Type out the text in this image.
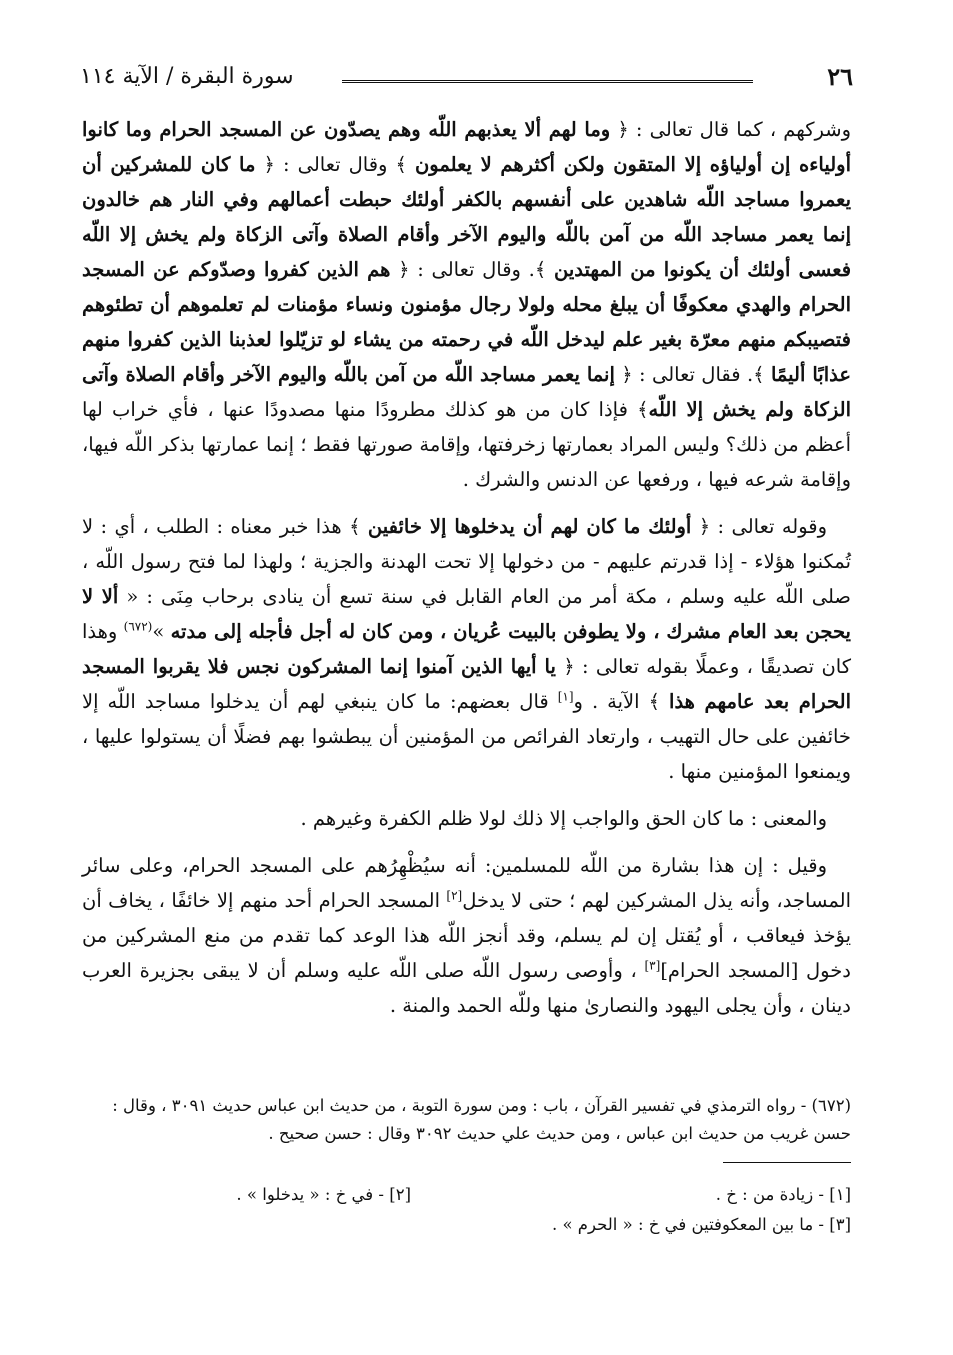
٢٦
سورة البقرة / الآية ١١٤

وشركهم ، كما قال تعالى : ﴿ وما لهم ألا يعذبهم اللّه وهم يصدّون عن المسجد الحرام وما كانوا أولياءه إن أولياؤه إلا المتقون ولكن أكثرهم لا يعلمون ﴾ وقال تعالى : ﴿ ما كان للمشركين أن يعمروا مساجد اللّه شاهدين على أنفسهم بالكفر أولئك حبطت أعمالهم وفي النار هم خالدون إنما يعمر مساجد اللّه من آمن باللّه واليوم الآخر وأقام الصلاة وآتى الزكاة ولم يخش إلا اللّه فعسى أولئك أن يكونوا من المهتدين ﴾. وقال تعالى : ﴿ هم الذين كفروا وصدّوكم عن المسجد الحرام والهدي معكوفًا أن يبلغ محله ولولا رجال مؤمنون ونساء مؤمنات لم تعلموهم أن تطئوهم فتصيبكم منهم معرّة بغير علم ليدخل اللّه في رحمته من يشاء لو تزيّلوا لعذبنا الذين كفروا منهم عذابًا أليمًا ﴾. فقال تعالى : ﴿ إنما يعمر مساجد اللّه من آمن باللّه واليوم الآخر وأقام الصلاة وآتى الزكاة ولم يخش إلا اللّه﴾ فإذا كان من هو كذلك مطرودًا منها مصدودًا عنها ، فأي خراب لها أعظم من ذلك؟ وليس المراد بعمارتها زخرفتها، وإقامة صورتها فقط ؛ إنما عمارتها بذكر اللّه فيها، وإقامة شرعه فيها ، ورفعها عن الدنس والشرك .

وقوله تعالى : ﴿ أولئك ما كان لهم أن يدخلوها إلا خائفين ﴾ هذا خبر معناه : الطلب ، أي : لا تُمكنوا هؤلاء - إذا قدرتم عليهم - من دخولها إلا تحت الهدنة والجزية ؛ ولهذا لما فتح رسول اللّه ، صلى اللّه عليه وسلم ، مكة أمر من العام القابل في سنة تسع أن ينادى برحاب مِنَى : « ألا لا يحجن بعد العام مشرك ، ولا يطوفن بالبيت عُريان ، ومن كان له أجل فأجله إلى مدته »$^{(٦٧٢)}$ وهذا كان تصديقًا ، وعملًا بقوله تعالى : ﴿ يا أيها الذين آمنوا إنما المشركون نجس فلا يقربوا المسجد الحرام بعد عامهم هذا ﴾ الآية . و[١] قال بعضهم: ما كان ينبغي لهم أن يدخلوا مساجد اللّه إلا خائفين على حال التهيب ، وارتعاد الفرائص من المؤمنين أن يبطشوا بهم فضلًا أن يستولوا عليها ، ويمنعوا المؤمنين منها .

والمعنى : ما كان الحق والواجب إلا ذلك لولا ظلم الكفرة وغيرهم .

وقيل : إن هذا بشارة من اللّه للمسلمين: أنه سيُظْهِرُهم على المسجد الحرام، وعلى سائر المساجد، وأنه يذل المشركين لهم ؛ حتى لا يدخل[٢] المسجد الحرام أحد منهم إلا خائفًا ، يخاف أن يؤخذ فيعاقب ، أو يُقتل إن لم يسلم، وقد أنجز اللّه هذا الوعد كما تقدم من منع المشركين من دخول [المسجد الحرام][٣] ، وأوصى رسول اللّه صلى اللّه عليه وسلم أن لا يبقى بجزيرة العرب دينان ، وأن يجلى اليهود والنصارىٰ منها وللّه الحمد والمنة .

(٦٧٢) - رواه الترمذي في تفسير القرآن ، باب : ومن سورة التوبة ، من حديث ابن عباس حديث ٣٠٩١ ، وقال : حسن غريب من حديث ابن عباس ، ومن حديث علي حديث ٣٠٩٢ وقال : حسن صحيح .
[١] - زيادة من : خ .
[٢] - في خ : « يدخلوا » .
[٣] - ما بين المعكوفتين في خ : « الحرم » .
